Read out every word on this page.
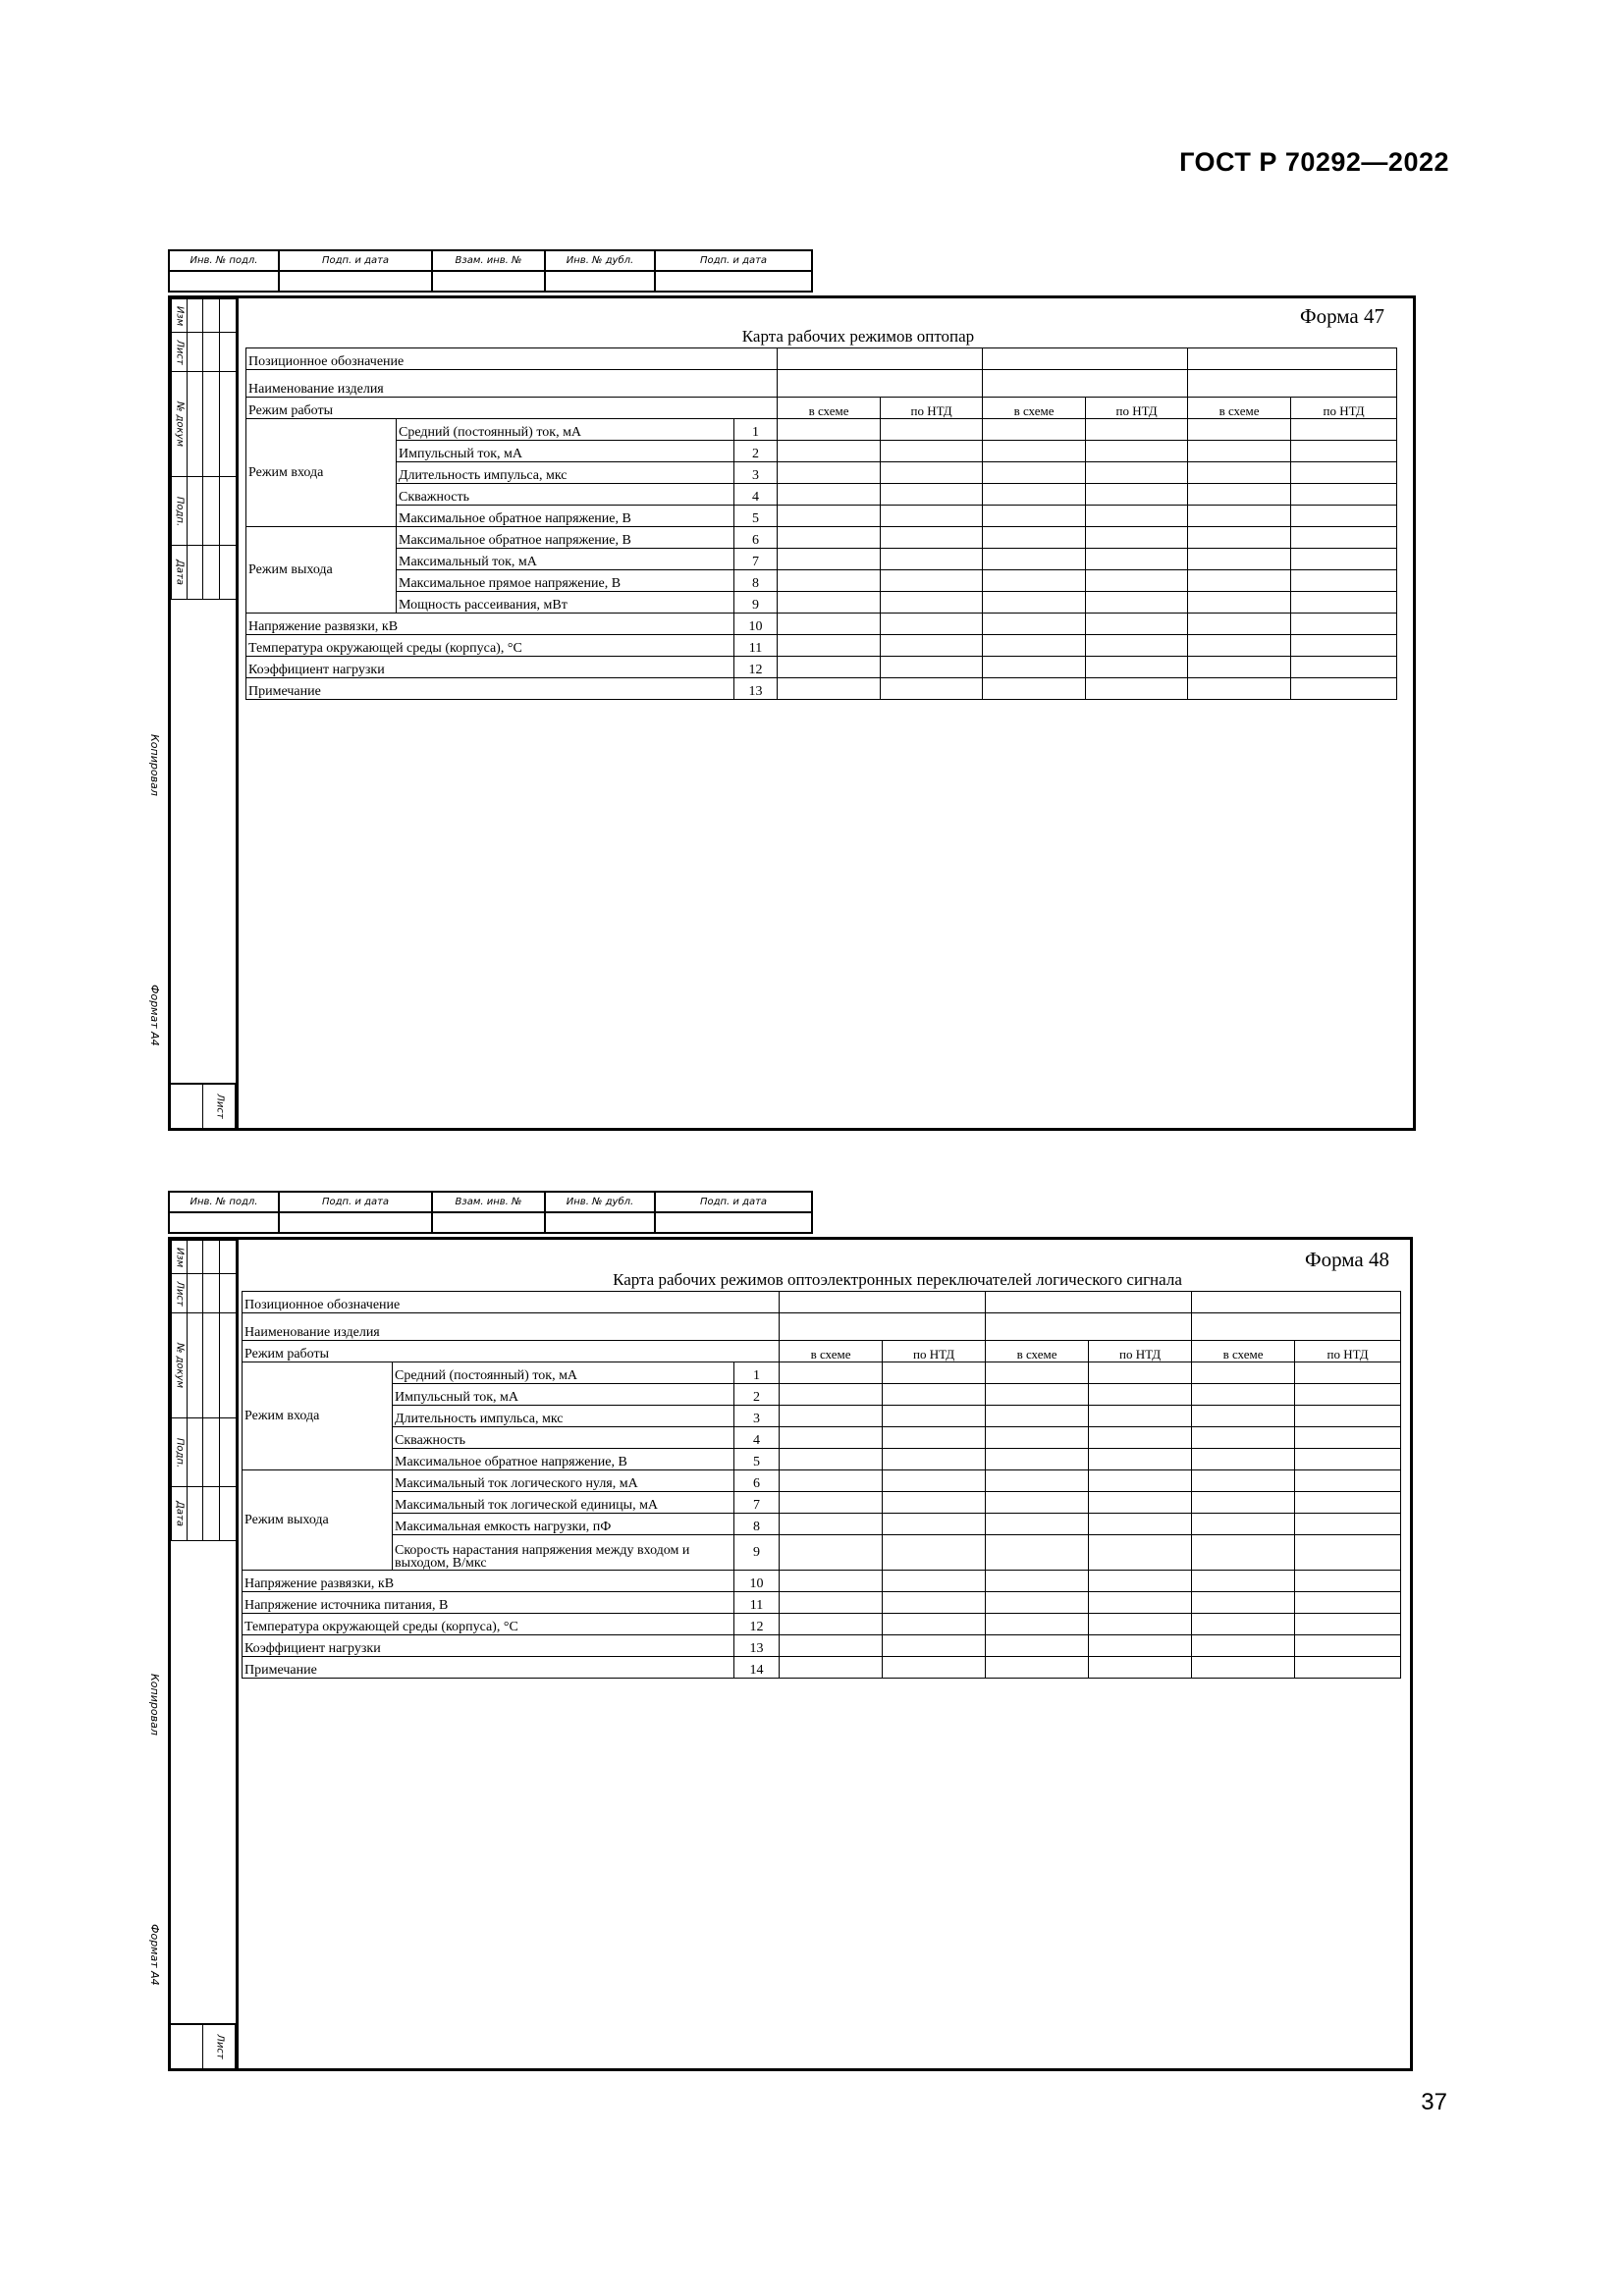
ГОСТ Р 70292—2022
Инв. № подл.	Подп. и дата	Взам. инв. №	Инв. № дубл.	Подп. и дата

Изм			

Лист			

№ докум			

Подп.			

Дата			

Лист
Форма 47
Карта рабочих режимов оптопар
Позиционное обозначение								
Наименование изделия								
Режим работы			в схеме	по НТД	в схеме	по НТД	в схеме	по НТД
Режим входа	Средний (постоянный) ток, мА	1						
	Импульсный ток, мА	2						
	Длительность импульса, мкс	3						
	Скважность	4						
	Максимальное обратное напряжение, В	5						
Режим выхода	Максимальное обратное напряжение, В	6						
	Максимальный ток, мА	7						
	Максимальное прямое напряжение, В	8						
	Мощность рассеивания, мВт	9						
Напряжение развязки, кВ		10						
Температура окружающей среды (корпуса), °С		11						
Коэффициент нагрузки		12						
Примечание		13						
Копировал
Формат А4
Инв. № подл.	Подп. и дата	Взам. инв. №	Инв. № дубл.	Подп. и дата

Изм			

Лист			

№ докум			

Подп.			

Дата			

Лист
Форма 48
Карта рабочих режимов оптоэлектронных переключателей логического сигнала
Позиционное обозначение								
Наименование изделия								
Режим работы			в схеме	по НТД	в схеме	по НТД	в схеме	по НТД
Режим входа	Средний (постоянный) ток, мА	1						
	Импульсный ток, мА	2						
	Длительность импульса, мкс	3						
	Скважность	4						
	Максимальное обратное напряжение, В	5						
Режим выхода	Максимальный ток логического нуля, мА	6						
	Максимальный ток логической единицы, мА	7						
	Максимальная емкость нагрузки, пФ	8						
	Скорость нарастания напряжения между входом и выходом, В/мкс	9						
Напряжение развязки, кВ		10						
Напряжение источника питания, В		11						
Температура окружающей среды (корпуса), °С		12						
Коэффициент нагрузки		13						
Примечание		14						
Копировал
Формат А4
37
